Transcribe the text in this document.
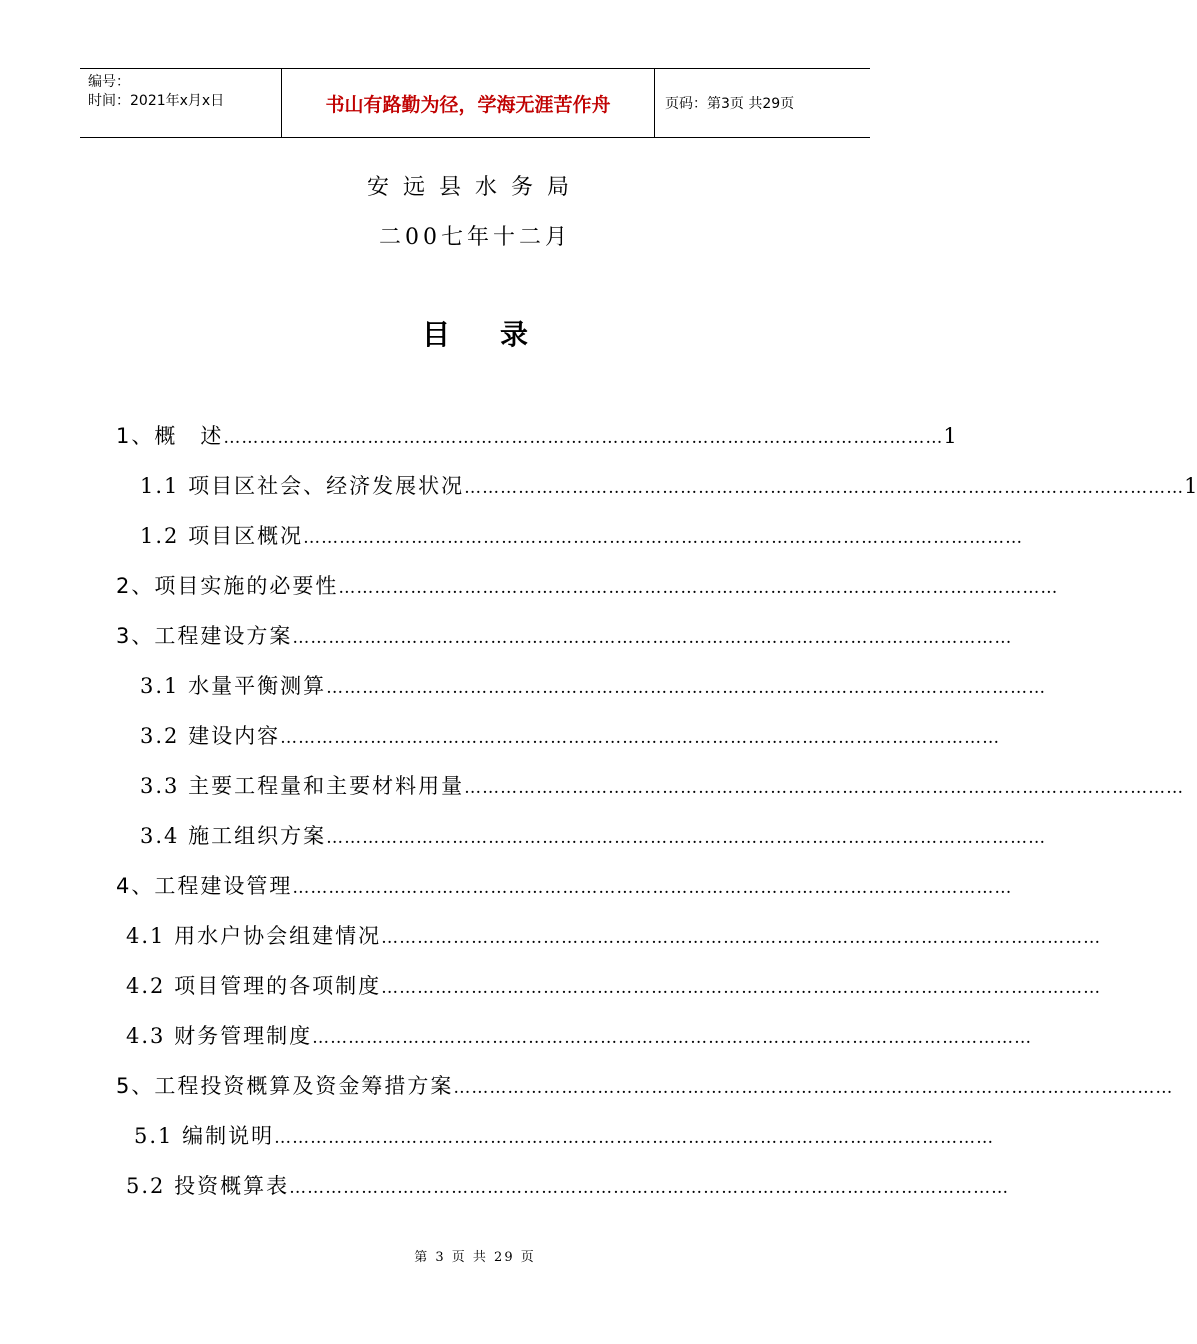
编号：
时间：2021年x月x日	书山有路勤为径，学海无涯苦作舟	页码：第3页 共29页
安远县水务局
二00七年十二月
目录
1、概　述 ………………………………………………………………………………………………………… 1
1.1 项目区社会、经济发展状况 ………………………………………………………………………………………………………… 1
1.2 项目区概况 …………………………………………………………………………………………………………
2、项目实施的必要性 …………………………………………………………………………………………………………
3、工程建设方案 …………………………………………………………………………………………………………
3.1 水量平衡测算 …………………………………………………………………………………………………………
3.2 建设内容 …………………………………………………………………………………………………………
3.3 主要工程量和主要材料用量 …………………………………………………………………………………………………………
3.4 施工组织方案 …………………………………………………………………………………………………………
4、工程建设管理 …………………………………………………………………………………………………………
4.1 用水户协会组建情况 …………………………………………………………………………………………………………
4.2 项目管理的各项制度 …………………………………………………………………………………………………………
4.3 财务管理制度 …………………………………………………………………………………………………………
5、工程投资概算及资金筹措方案 …………………………………………………………………………………………………………
5.1 编制说明 …………………………………………………………………………………………………………
5.2 投资概算表 …………………………………………………………………………………………………………
第 3 页 共 29 页
